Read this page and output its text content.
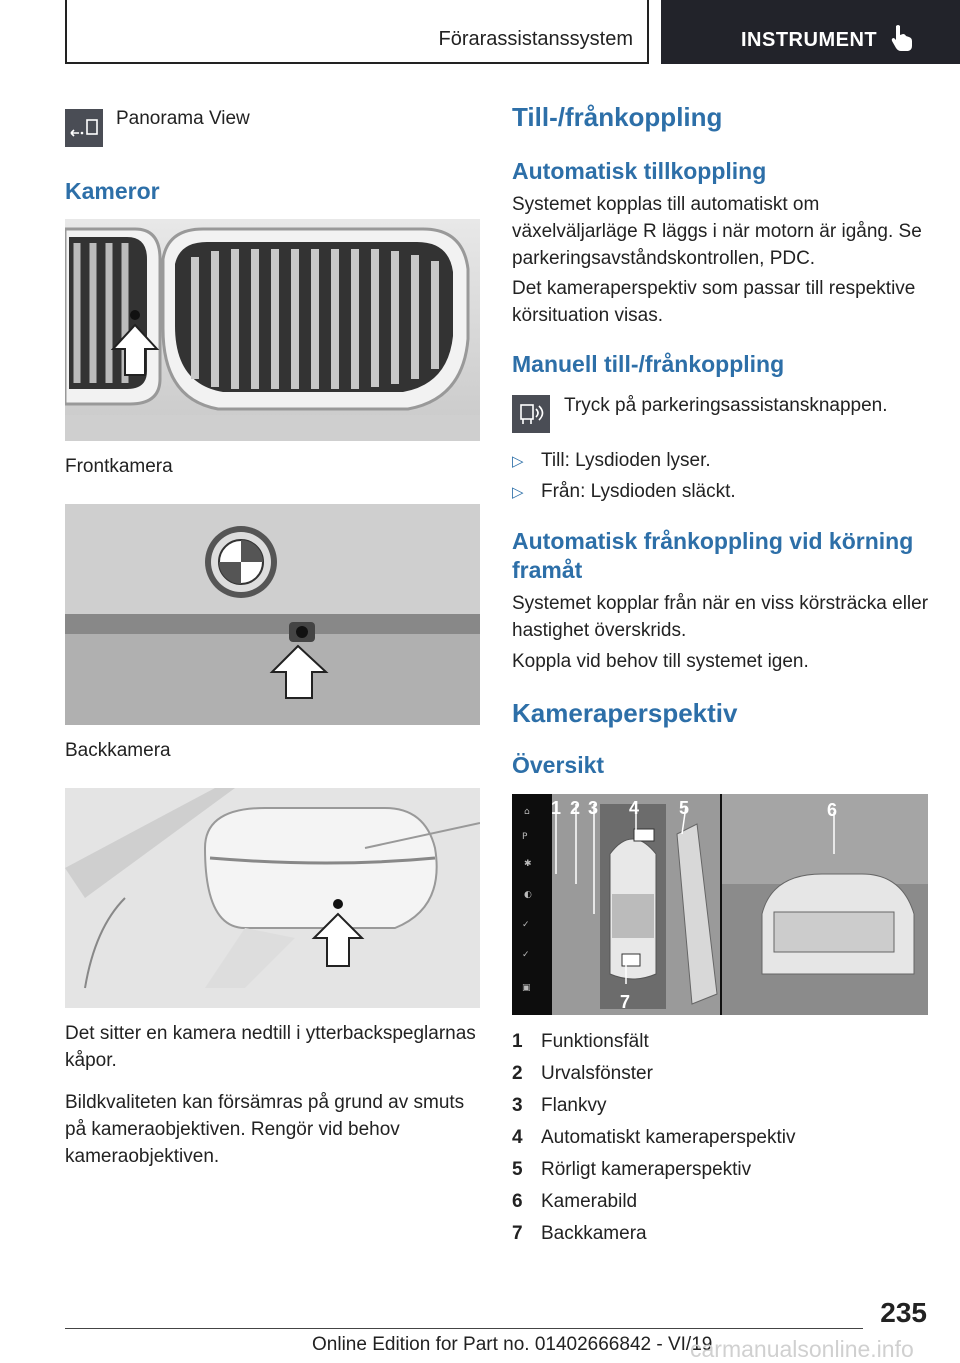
Förarassistanssystem	INSTRUMENT
Panorama View
Kameror
Frontkamera
Backkamera
Det sitter en kamera nedtill i ytterbackspeglarnas kåpor.
Bildkvaliteten kan försämras på grund av smuts på kameraobjektiven. Rengör vid behov kameraobjektiven.
Till-/frånkoppling
Automatisk tillkoppling
Systemet kopplas till automatiskt om växelväljarläge R läggs i när motorn är igång. Se parkeringsavståndskontrollen, PDC.
Det kameraperspektiv som passar till respektive körsituation visas.
Manuell till-/frånkoppling
Tryck på parkeringsassistansknappen.
▷ Till: Lysdioden lyser.
▷ Från: Lysdioden släckt.
Automatisk frånkoppling vid körning framåt
Systemet kopplar från när en viss körsträcka eller hastighet överskrids.
Koppla vid behov till systemet igen.
Kameraperspektiv
Översikt
⌂
P
✱
◐
✓
✓
▣
1 2 3 4 5	6
7
1 Funktionsfält
2 Urvalsfönster
3 Flankvy
4 Automatiskt kameraperspektiv
5 Rörligt kameraperspektiv
6 Kamerabild
7 Backkamera
235
Online Edition for Part no. 01402666842 - VI/19
carmanualsonline.info
